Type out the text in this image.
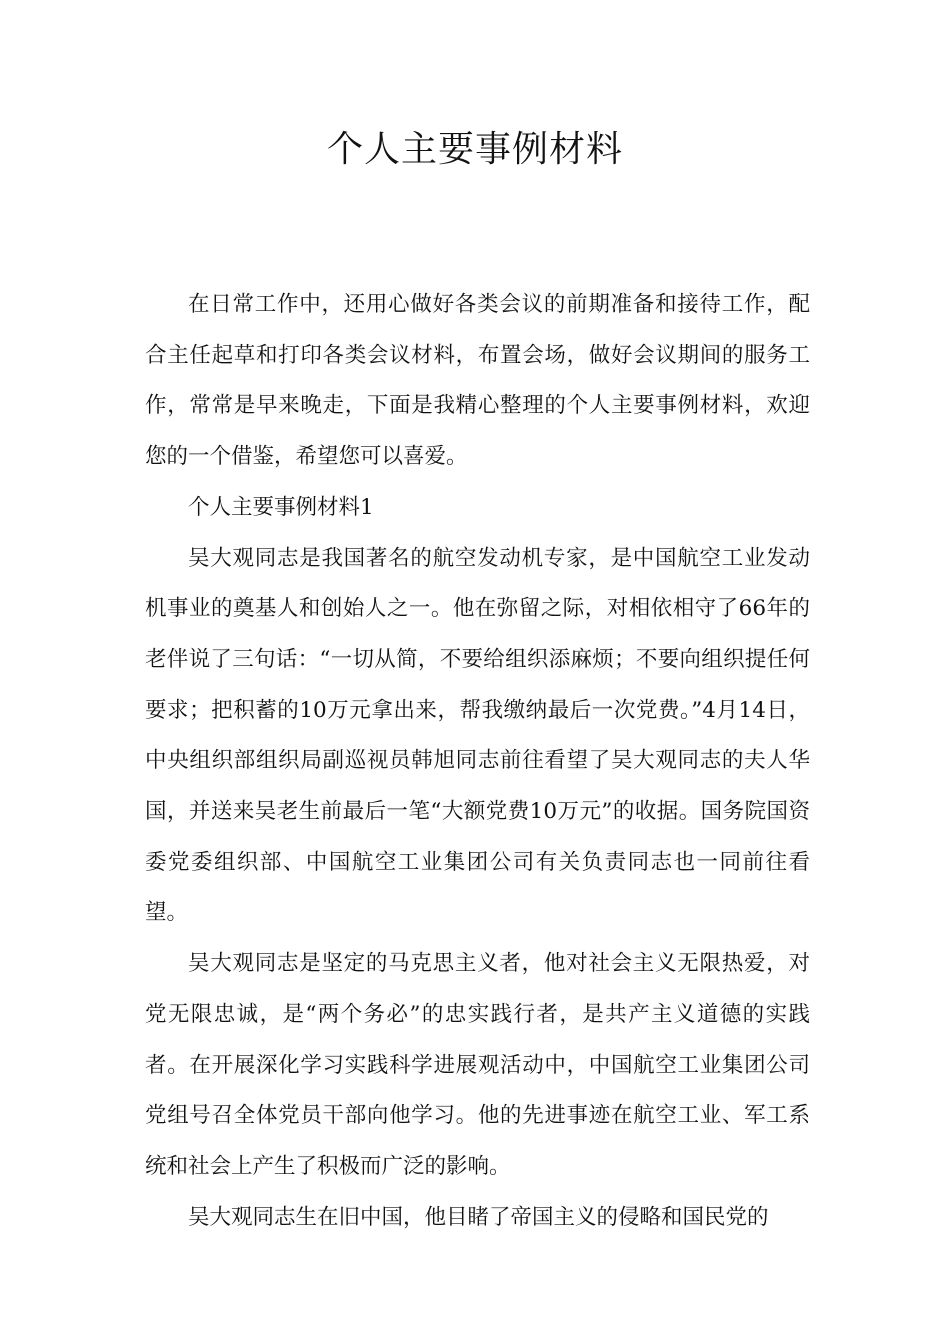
个人主要事例材料

在日常工作中，还用心做好各类会议的前期准备和接待工作，配合主任起草和打印各类会议材料，布置会场，做好会议期间的服务工作，常常是早来晚走，下面是我精心整理的个人主要事例材料，欢迎您的一个借鉴，希望您可以喜爱。

个人主要事例材料1

吴大观同志是我国著名的航空发动机专家，是中国航空工业发动机事业的奠基人和创始人之一。他在弥留之际，对相依相守了66年的老伴说了三句话：“一切从简，不要给组织添麻烦；不要向组织提任何要求；把积蓄的10万元拿出来，帮我缴纳最后一次党费。”4月14日，中央组织部组织局副巡视员韩旭同志前往看望了吴大观同志的夫人华国，并送来吴老生前最后一笔“大额党费10万元”的收据。国务院国资委党委组织部、中国航空工业集团公司有关负责同志也一同前往看望。

吴大观同志是坚定的马克思主义者，他对社会主义无限热爱，对党无限忠诚，是“两个务必”的忠实践行者，是共产主义道德的实践者。在开展深化学习实践科学进展观活动中，中国航空工业集团公司党组号召全体党员干部向他学习。他的先进事迹在航空工业、军工系统和社会上产生了积极而广泛的影响。

吴大观同志生在旧中国，他目睹了帝国主义的侵略和国民党的
